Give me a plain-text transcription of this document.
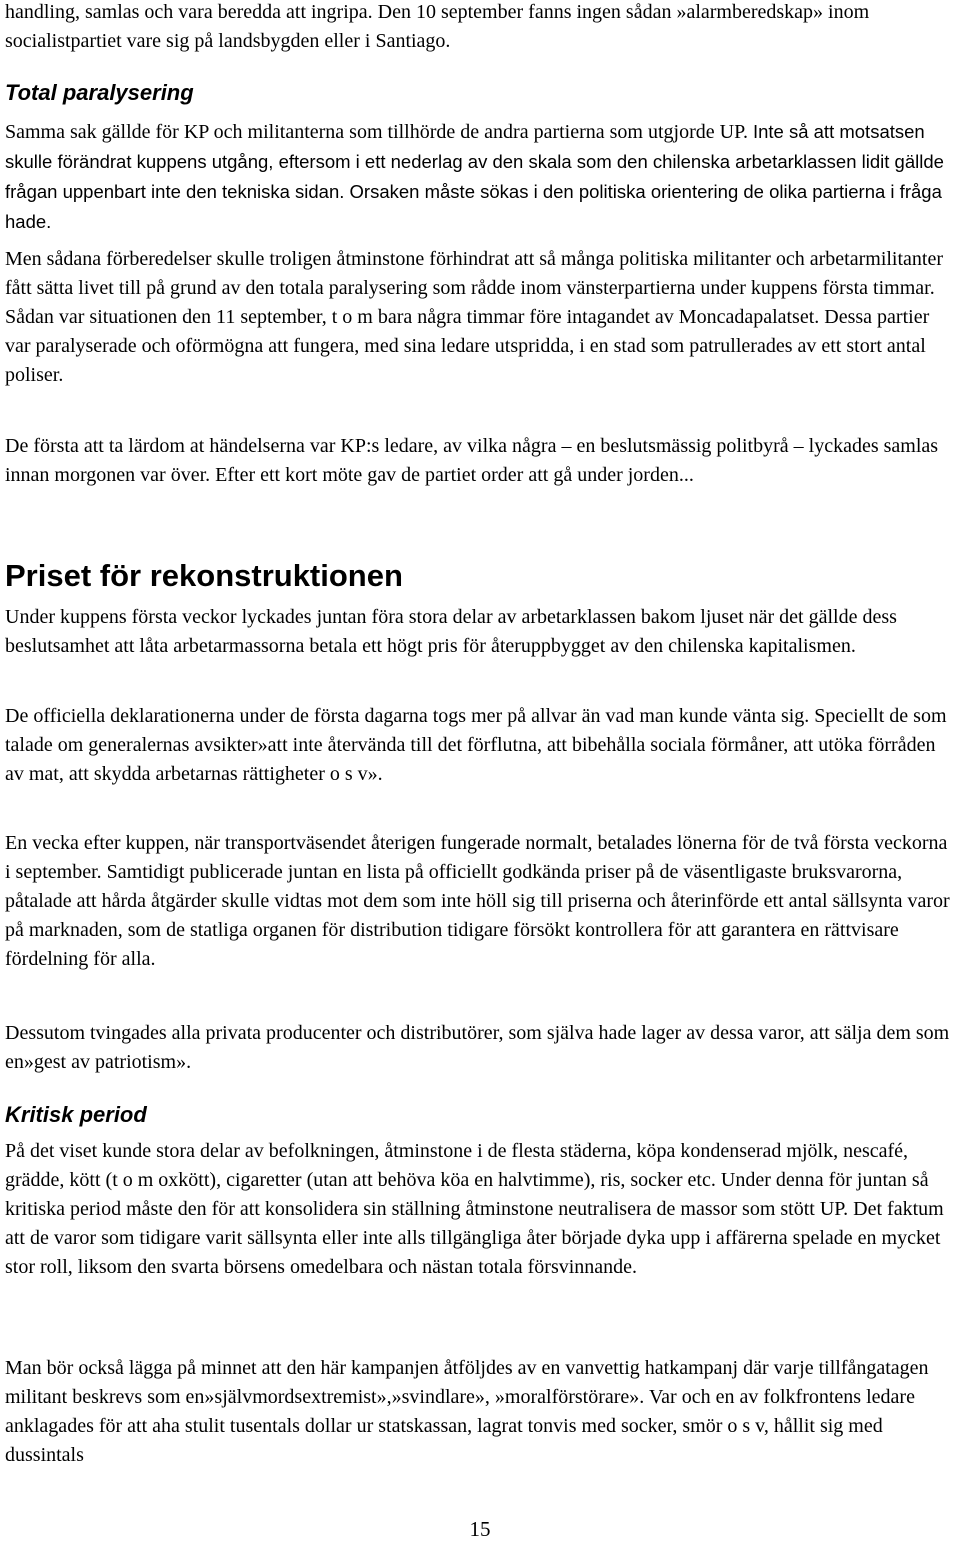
handling, samlas och vara beredda att ingripa. Den 10 september fanns ingen sådan »alarmberedskap» inom socialistpartiet vare sig på landsbygden eller i Santiago.

Total paralysering

Samma sak gällde för KP och militanterna som tillhörde de andra partierna som utgjorde UP. Inte så att motsatsen skulle förändrat kuppens utgång, eftersom i ett nederlag av den skala som den chilenska arbetarklassen lidit gällde frågan uppenbart inte den tekniska sidan. Orsaken måste sökas i den politiska orientering de olika partierna i fråga hade.

Men sådana förberedelser skulle troligen åtminstone förhindrat att så många politiska militanter och arbetarmilitanter fått sätta livet till på grund av den totala paralysering som rådde inom vänsterpartierna under kuppens första timmar. Sådan var situationen den 11 september, t o m bara några timmar före intagandet av Moncadapalatset. Dessa partier var paralyserade och oförmögna att fungera, med sina ledare utspridda, i en stad som patrullerades av ett stort antal poliser.

De första att ta lärdom at händelserna var KP:s ledare, av vilka några – en beslutsmässig politbyrå – lyckades samlas innan morgonen var över. Efter ett kort möte gav de partiet order att gå under jorden...

Priset för rekonstruktionen

Under kuppens första veckor lyckades juntan föra stora delar av arbetarklassen bakom ljuset när det gällde dess beslutsamhet att låta arbetarmassorna betala ett högt pris för återuppbygget av den chilenska kapitalismen.

De officiella deklarationerna under de första dagarna togs mer på allvar än vad man kunde vänta sig. Speciellt de som talade om generalernas avsikter»att inte återvända till det förflutna, att bibehålla sociala förmåner, att utöka förråden av mat, att skydda arbetarnas rättigheter o s v».

En vecka efter kuppen, när transportväsendet återigen fungerade normalt, betalades lönerna för de två första veckorna i september. Samtidigt publicerade juntan en lista på officiellt godkända priser på de väsentligaste bruksvarorna, påtalade att hårda åtgärder skulle vidtas mot dem som inte höll sig till priserna och återinförde ett antal sällsynta varor på marknaden, som de statliga organen för distribution tidigare försökt kontrollera för att garantera en rättvisare fördelning för alla.

Dessutom tvingades alla privata producenter och distributörer, som själva hade lager av dessa varor, att sälja dem som en»gest av patriotism».

Kritisk period

På det viset kunde stora delar av befolkningen, åtminstone i de flesta städerna, köpa kondenserad mjölk, nescafé, grädde, kött (t o m oxkött), cigaretter (utan att behöva köa en halvtimme), ris, socker etc. Under denna för juntan så kritiska period måste den för att konsolidera sin ställning åtminstone neutralisera de massor som stött UP. Det faktum att de varor som tidigare varit sällsynta eller inte alls tillgängliga åter började dyka upp i affärerna spelade en mycket stor roll, liksom den svarta börsens omedelbara och nästan totala försvinnande.

Man bör också lägga på minnet att den här kampanjen åtföljdes av en vanvettig hatkampanj där varje tillfångatagen militant beskrevs som en»självmordsextremist»,»svindlare», »moralförstörare». Var och en av folkfrontens ledare anklagades för att aha stulit tusentals dollar ur statskassan, lagrat tonvis med socker, smör o s v, hållit sig med dussintals

15
